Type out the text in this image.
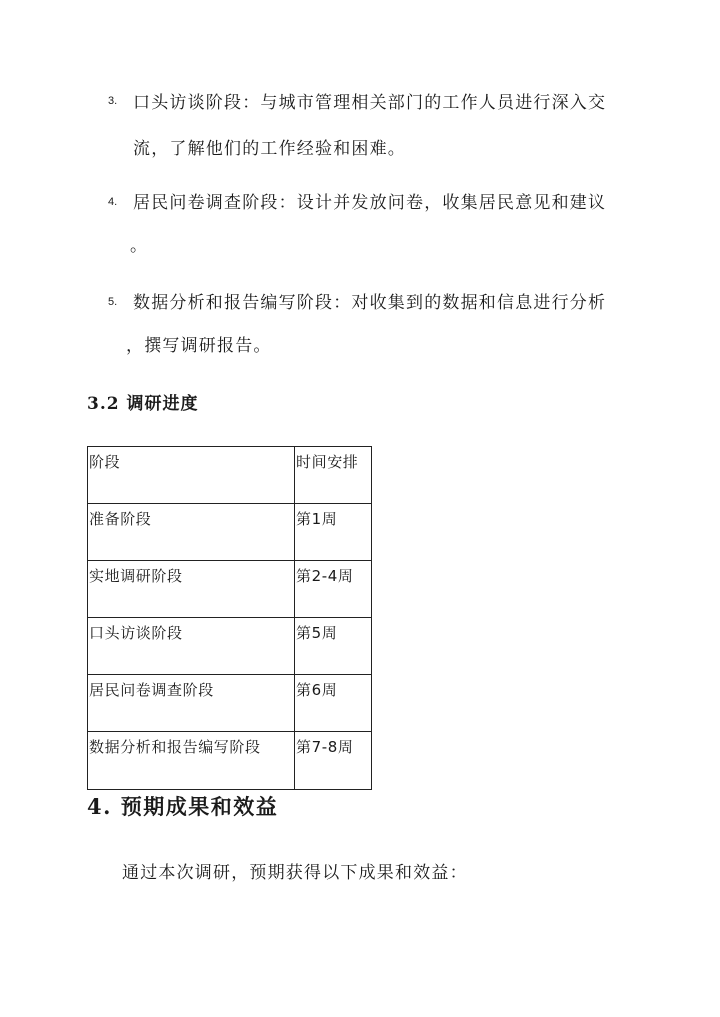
3. 口头访谈阶段：与城市管理相关部门的工作人员进行深入交
流，了解他们的工作经验和困难。
4. 居民问卷调查阶段：设计并发放问卷，收集居民意见和建议
。
5. 数据分析和报告编写阶段：对收集到的数据和信息进行分析
，撰写调研报告。
3.2 调研进度
阶段	时间安排
准备阶段	第1周
实地调研阶段	第2-4周
口头访谈阶段	第5周
居民问卷调查阶段	第6周
数据分析和报告编写阶段	第7-8周
4. 预期成果和效益
通过本次调研，预期获得以下成果和效益：
